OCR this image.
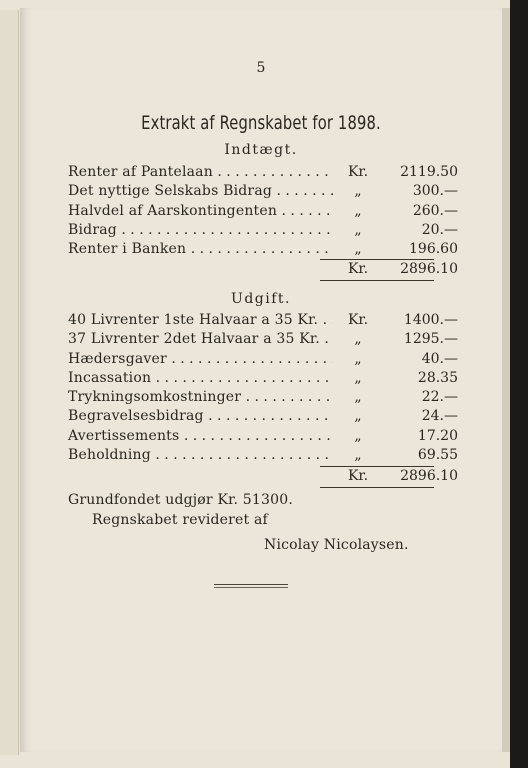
5
Extrakt af Regnskabet for 1898.
Indtægt.
Renter af Pantelaan . . .	Kr.	2119.50
Det nyttige Selskabs Bidrag . . .	„	300.—
Halvdel af Aarskontingenten . . .	„	260.—
Bidrag . . .	„	20.—
Renter i Banken . . .	„	196.60
Kr.	2896.10
Udgift.
40 Livrenter 1ste Halvaar a 35 Kr. . . .	Kr.	1400.—
37 Livrenter 2det Halvaar a 35 Kr. . . .	„	1295.—
Hædersgaver . . .	„	40.—
Incassation . . .	„	28.35
Trykningsomkostninger . . .	„	22.—
Begravelsesbidrag . . .	„	24.—
Avertissements . . .	„	17.20
Beholdning . . .	„	69.55
Kr.	2896.10
Grundfondet udgjør Kr. 51300.
Regnskabet revideret af
Nicolay Nicolaysen.
